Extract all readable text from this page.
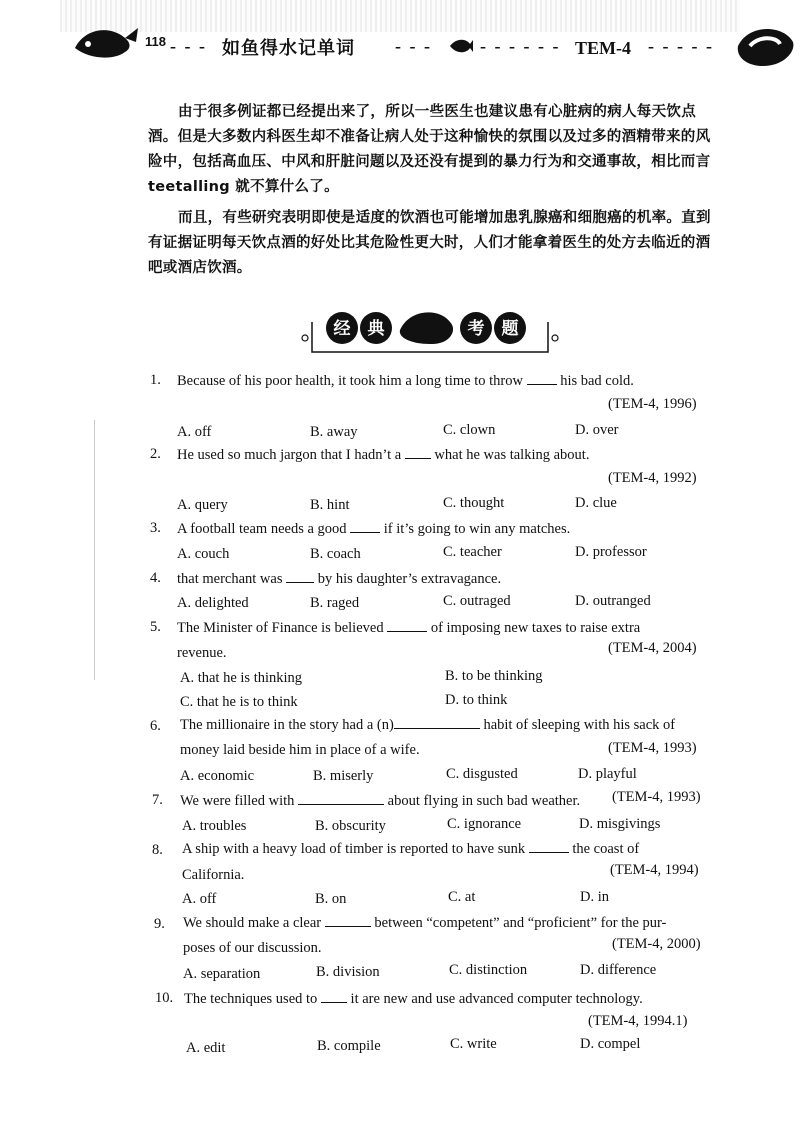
118 - - - 如鱼得水记单词 - - -	- - - - - - TEM-4 - - - - -

由于很多例证都已经提出来了，所以一些医生也建议患有心脏病的病人每天饮点酒。但是大多数内科医生却不准备让病人处于这种愉快的氛围以及过多的酒精带来的风险中，包括高血压、中风和肝脏问题以及还没有提到的暴力行为和交通事故，相比而言 teetalling 就不算什么了。

而且，有些研究表明即使是适度的饮酒也可能增加患乳腺癌和细胞癌的机率。直到有证据证明每天饮点酒的好处比其危险性更大时，人们才能拿着医生的处方去临近的酒吧或酒店饮酒。

经 典	考 题
1. Because of his poor health, it took him a long time to throw	his bad cold.
(TEM-4, 1996)
A. off	B. away	C. clown	D. over
2. He used so much jargon that I hadn’t a what he was talking about.
(TEM-4, 1992)
A. query	B. hint	C. thought	D. clue
3. A football team needs a good	if it’s going to win any matches.
A. couch	B. coach	C. teacher	D. professor
4. that merchant was by his daughter’s extravagance.
A. delighted	B. raged	C. outraged	D. outranged
5. The Minister of Finance is believed	of imposing new taxes to raise extra
revenue.	(TEM-4, 2004)
A. that he is thinking	B. to be thinking
C. that he is to think	D. to think
6. The millionaire in the story had a (n)	habit of sleeping with his sack of
money laid beside him in place of a wife.	(TEM-4, 1993)
A. economic	B. miserly	C. disgusted	D. playful
7. We were filled with	about flying in such bad weather. (TEM-4, 1993)
A. troubles	B. obscurity	C. ignorance	D. misgivings
8. A ship with a heavy load of timber is reported to have sunk	the coast of
California.	(TEM-4, 1994)
A. off	B. on	C. at	D. in
9. We should make a clear	between “competent” and “proficient” for the pur-
poses of our discussion.	(TEM-4, 2000)
A. separation	B. division	C. distinction	D. difference
10. The techniques used to it are new and use advanced computer technology.
(TEM-4, 1994.1)
A. edit	B. compile	C. write	D. compel
